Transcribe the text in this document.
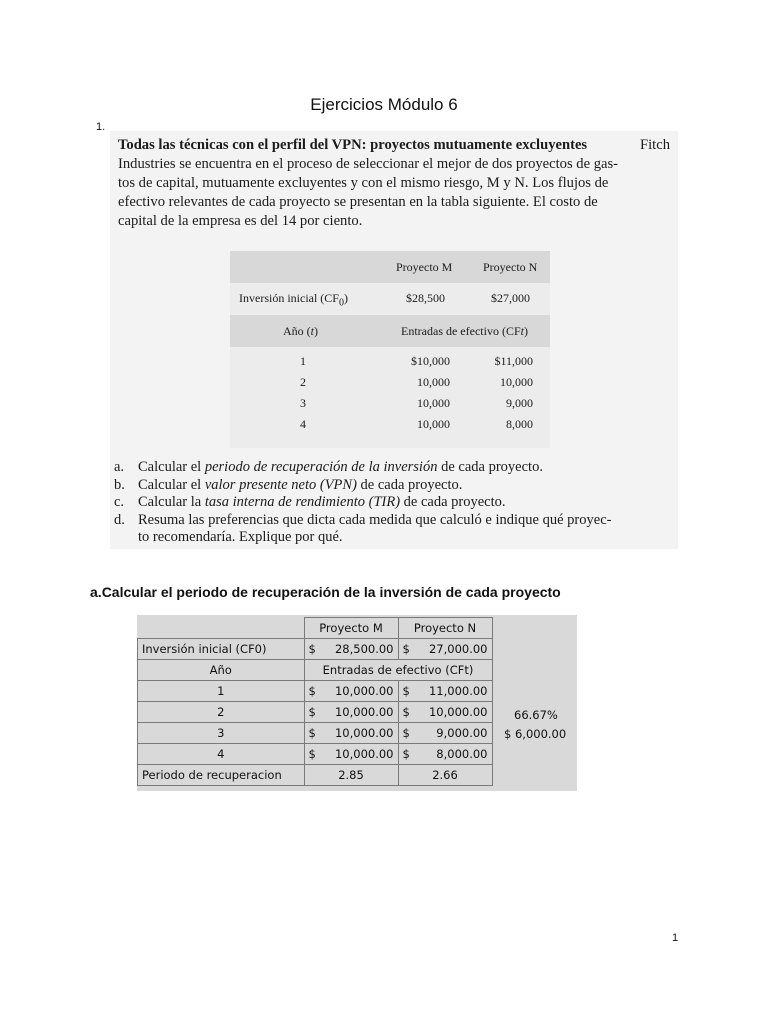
Ejercicios Módulo 6
1.
Todas las técnicas con el perfil del VPN: proyectos mutuamente excluyentes	Fitch
Industries se encuentra en el proceso de seleccionar el mejor de dos proyectos de gas-
tos de capital, mutuamente excluyentes y con el mismo riesgo, M y N. Los flujos de
efectivo relevantes de cada proyecto se presentan en la tabla siguiente. El costo de
capital de la empresa es del 14 por ciento.
Proyecto M	Proyecto N
Inversión inicial $(CF_0)$	$28,500	$27,000
Año (t)	Entradas de efectivo (CFt)
1	$10,000	$11,000
2	10,000	10,000
3	10,000	9,000
4	10,000	8,000
a. Calcular el periodo de recuperación de la inversión de cada proyecto.
b. Calcular el valor presente neto (VPN) de cada proyecto.
c. Calcular la tasa interna de rendimiento (TIR) de cada proyecto.
d. Resuma las preferencias que dicta cada medida que calculó e indique qué proyec-
to recomendaría. Explique por qué.
a.Calcular el periodo de recuperación de la inversión de cada proyecto
	Proyecto M	Proyecto N
Inversión inicial (CF0)	$ 28,500.00	$ 27,000.00

Año	Entradas de efectivo (CFt)	
1	$ 10,000.00	$ 11,000.00

2	$ 10,000.00	$ 10,000.00

3	$ 10,000.00	$ 9,000.00

4	$ 10,000.00	$ 8,000.00

Periodo de recuperacion	2.85	2.66
66.67%
$ 6,000.00
1
